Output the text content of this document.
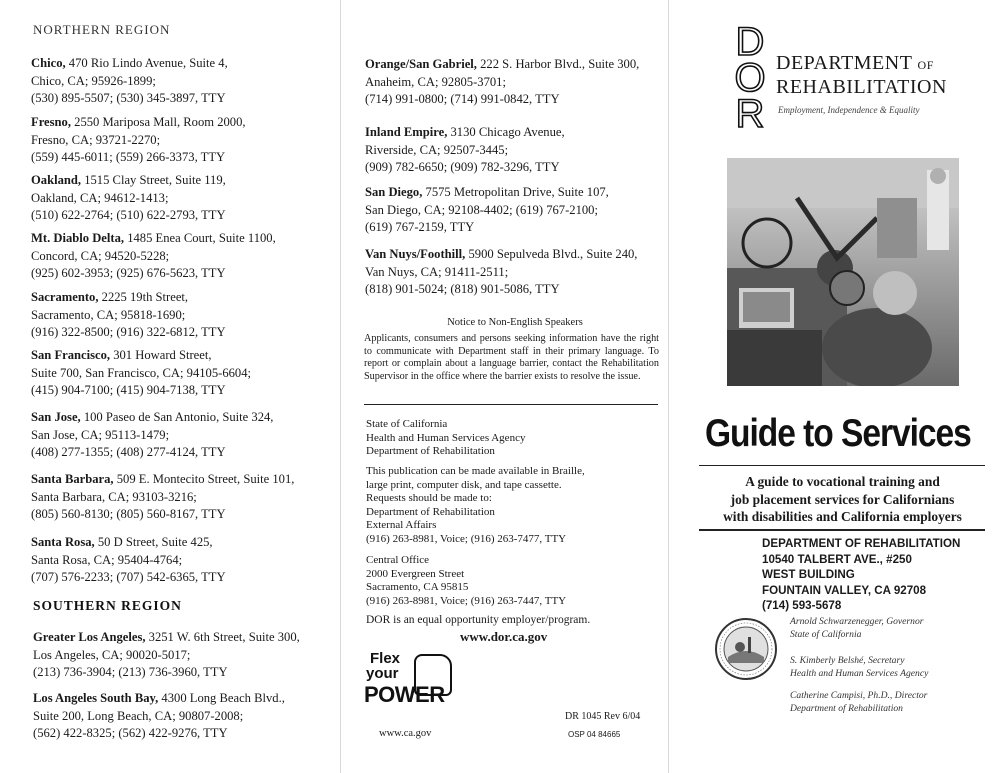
NORTHERN REGION
Chico, 470 Rio Lindo Avenue, Suite 4,
Chico, CA; 95926-1899;
(530) 895-5507; (530) 345-3897, TTY
Fresno, 2550 Mariposa Mall, Room 2000,
Fresno, CA; 93721-2270;
(559) 445-6011; (559) 266-3373, TTY
Oakland, 1515 Clay Street, Suite 119,
Oakland, CA; 94612-1413;
(510) 622-2764; (510) 622-2793, TTY
Mt. Diablo Delta, 1485 Enea Court, Suite 1100,
Concord, CA; 94520-5228;
(925) 602-3953; (925) 676-5623, TTY
Sacramento, 2225 19th Street,
Sacramento, CA; 95818-1690;
(916) 322-8500; (916) 322-6812, TTY
San Francisco, 301 Howard Street,
Suite 700, San Francisco, CA; 94105-6604;
(415) 904-7100; (415) 904-7138, TTY
San Jose, 100 Paseo de San Antonio, Suite 324,
San Jose, CA; 95113-1479;
(408) 277-1355; (408) 277-4124, TTY
Santa Barbara, 509 E. Montecito Street, Suite 101,
Santa Barbara, CA; 93103-3216;
(805) 560-8130; (805) 560-8167, TTY
Santa Rosa, 50 D Street, Suite 425,
Santa Rosa, CA; 95404-4764;
(707) 576-2233; (707) 542-6365, TTY
SOUTHERN REGION
Greater Los Angeles, 3251 W. 6th Street, Suite 300,
Los Angeles, CA; 90020-5017;
(213) 736-3904; (213) 736-3960, TTY
Los Angeles South Bay, 4300 Long Beach Blvd.,
Suite 200, Long Beach, CA; 90807-2008;
(562) 422-8325; (562) 422-9276, TTY
Orange/San Gabriel, 222 S. Harbor Blvd., Suite 300,
Anaheim, CA; 92805-3701;
(714) 991-0800; (714) 991-0842, TTY
Inland Empire, 3130 Chicago Avenue,
Riverside, CA; 92507-3445;
(909) 782-6650; (909) 782-3296, TTY
San Diego, 7575 Metropolitan Drive, Suite 107,
San Diego, CA; 92108-4402; (619) 767-2100;
(619) 767-2159, TTY
Van Nuys/Foothill, 5900 Sepulveda Blvd., Suite 240,
Van Nuys, CA; 91411-2511;
(818) 901-5024; (818) 901-5086, TTY
Notice to Non-English Speakers
Applicants, consumers and persons seeking information have the right to communicate with Department staff in their primary language. To report or complain about a language barrier, contact the Rehabilitation Supervisor in the office where the barrier exists to resolve the issue.
State of California
Health and Human Services Agency
Department of Rehabilitation
This publication can be made available in Braille,
large print, computer disk, and tape cassette.
Requests should be made to:
Department of Rehabilitation
External Affairs
(916) 263-8981, Voice; (916) 263-7477, TTY
Central Office
2000 Evergreen Street
Sacramento, CA 95815
(916) 263-8981, Voice; (916) 263-7447, TTY
DOR is an equal opportunity employer/program.
www.dor.ca.gov
Flex
your
POWER
www.ca.gov
DR 1045 Rev 6/04
OSP 04 84665
D
O
R
DEPARTMENT OF
REHABILITATION
Employment, Independence & Equality
Guide to Services
A guide to vocational training and
job placement services for Californians
with disabilities and California employers
DEPARTMENT OF REHABILITATION
10540 TALBERT AVE., #250
WEST BUILDING
FOUNTAIN VALLEY, CA 92708
(714) 593-5678
Arnold Schwarzenegger, Governor
State of California
S. Kimberly Belshé, Secretary
Health and Human Services Agency
Catherine Campisi, Ph.D., Director
Department of Rehabilitation
